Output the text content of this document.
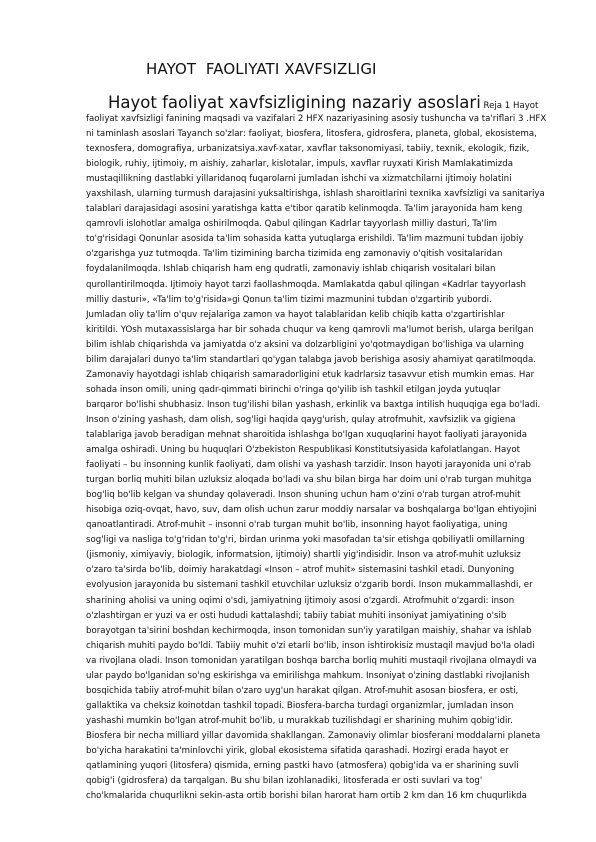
HAYOT  FAOLIYATI XAVFSIZLIGI
Hayot faoliyat xavfsizligining nazariy asoslari Reja 1 Hayot
faoliyat xavfsizligi fanining maqsadi va vazifalari 2 HFX nazariyasining asosiy tushuncha va ta'riflari 3 .HFX
ni taminlash asoslari Tayanch so'zlar: faoliyat, biosfera, litosfera, gidrosfera, planeta, global, ekosistema,
texnosfera, domografiya, urbanizatsiya.xavf-xatar, xavflar taksonomiyasi, tabiiy, texnik, ekologik, fizik,
biologik, ruhiy, ijtimoiy, m aishiy, zaharlar, kislotalar, impuls, xavflar ruyxati Kirish Mamlakatimizda
mustaqillikning dastlabki yillaridanoq fuqarolarni jumladan ishchi va xizmatchilarni ijtimoiy holatini
yaxshilash, ularning turmush darajasini yuksaltirishga, ishlash sharoitlarini texnika xavfsizligi va sanitariya
talablari darajasidagi asosini yaratishga katta e'tibor qaratib kelinmoqda. Ta'lim jarayonida ham keng
qamrovli islohotlar amalga oshirilmoqda. Qabul qilingan Kadrlar tayyorlash milliy dasturi, Ta'lim
to'g'risidagi Qonunlar asosida ta'lim sohasida katta yutuqlarga erishildi. Ta'lim mazmuni tubdan ijobiy
o'zgarishga yuz tutmoqda. Ta'lim tizimining barcha tizimida eng zamonaviy o'qitish vositalaridan
foydalanilmoqda. Ishlab chiqarish ham eng qudratli, zamonaviy ishlab chiqarish vositalari bilan
qurollantirilmoqda. Ijtimoiy hayot tarzi faollashmoqda. Mamlakatda qabul qilingan «Kadrlar tayyorlash
milliy dasturi», «Ta'lim to'g'risida»gi Qonun ta'lim tizimi mazmunini tubdan o'zgartirib yubordi.
Jumladan oliy ta'lim o'quv rejalariga zamon va hayot talablaridan kelib chiqib katta o'zgartirishlar
kiritildi. YOsh mutaxassislarga har bir sohada chuqur va keng qamrovli ma'lumot berish, ularga berilgan
bilim ishlab chiqarishda va jamiyatda o'z aksini va dolzarbligini yo'qotmaydigan bo'lishiga va ularning
bilim darajalari dunyo ta'lim standartlari qo'ygan talabga javob berishiga asosiy ahamiyat qaratilmoqda.
Zamonaviy hayotdagi ishlab chiqarish samaradorligini etuk kadrlarsiz tasavvur etish mumkin emas. Har
sohada inson omili, uning qadr-qimmati birinchi o'ringa qo'yilib ish tashkil etilgan joyda yutuqlar
barqaror bo'lishi shubhasiz. Inson tug'ilishi bilan yashash, erkinlik va baxtga intilish huquqiga ega bo'ladi.
Inson o'zining yashash, dam olish, sog'ligi haqida qayg'urish, qulay atrofmuhit, xavfsizlik va gigiena
talablariga javob beradigan mehnat sharoitida ishlashga bo'lgan xuquqlarini hayot faoliyati jarayonida
amalga oshiradi. Uning bu huquqlari O'zbekiston Respublikasi Konstitutsiyasida kafolatlangan. Hayot
faoliyati – bu insonning kunlik faoliyati, dam olishi va yashash tarzidir. Inson hayoti jarayonida uni o'rab
turgan borliq muhiti bilan uzluksiz aloqada bo'ladi va shu bilan birga har doim uni o'rab turgan muhitga
bog'liq bo'lib kelgan va shunday qolaveradi. Inson shuning uchun ham o'zini o'rab turgan atrof-muhit
hisobiga oziq-ovqat, havo, suv, dam olish uchun zarur moddiy narsalar va boshqalarga bo'lgan ehtiyojini
qanoatlantiradi. Atrof-muhit – insonni o'rab turgan muhit bo'lib, insonning hayot faoliyatiga, uning
sog'ligi va nasliga to'g'ridan to'g'ri, birdan urinma yoki masofadan ta'sir etishga qobiliyatli omillarning
(jismoniy, ximiyaviy, biologik, informatsion, ijtimoiy) shartli yig'indisidir. Inson va atrof-muhit uzluksiz
o'zaro ta'sirda bo'lib, doimiy harakatdagi «Inson – atrof muhit» sistemasini tashkil etadi. Dunyoning
evolyusion jarayonida bu sistemani tashkil etuvchilar uzluksiz o'zgarib bordi. Inson mukammallashdi, er
sharining aholisi va uning oqimi o'sdi, jamiyatning ijtimoiy asosi o'zgardi. Atrofmuhit o'zgardi: inson
o'zlashtirgan er yuzi va er osti hududi kattalashdi; tabiiy tabiat muhiti insoniyat jamiyatining o'sib
borayotgan ta'sirini boshdan kechirmoqda, inson tomonidan sun'iy yaratilgan maishiy, shahar va ishlab
chiqarish muhiti paydo bo'ldi. Tabiiy muhit o'zi etarli bo'lib, inson ishtirokisiz mustaqil mavjud bo'la oladi
va rivojlana oladi. Inson tomonidan yaratilgan boshqa barcha borliq muhiti mustaqil rivojlana olmaydi va
ular paydo bo'lganidan so'ng eskirishga va emirilishga mahkum. Insoniyat o'zining dastlabki rivojlanish
bosqichida tabiiy atrof-muhit bilan o'zaro uyg'un harakat qilgan. Atrof-muhit asosan biosfera, er osti,
gallaktika va cheksiz koinotdan tashkil topadi. Biosfera-barcha turdagi organizmlar, jumladan inson
yashashi mumkin bo'lgan atrof-muhit bo'lib, u murakkab tuzilishdagi er sharining muhim qobig'idir.
Biosfera bir necha milliard yillar davomida shakllangan. Zamonaviy olimlar biosferani moddalarni planeta
bo'yicha harakatini ta'minlovchi yirik, global ekosistema sifatida qarashadi. Hozirgi erada hayot er
qatlamining yuqori (litosfera) qismida, erning pastki havo (atmosfera) qobig'ida va er sharining suvli
qobig'i (gidrosfera) da tarqalgan. Bu shu bilan izohlanadiki, litosferada er osti suvlari va tog'
cho'kmalarida chuqurlikni sekin-asta ortib borishi bilan harorat ham ortib 2 km dan 16 km chuqurlikda
